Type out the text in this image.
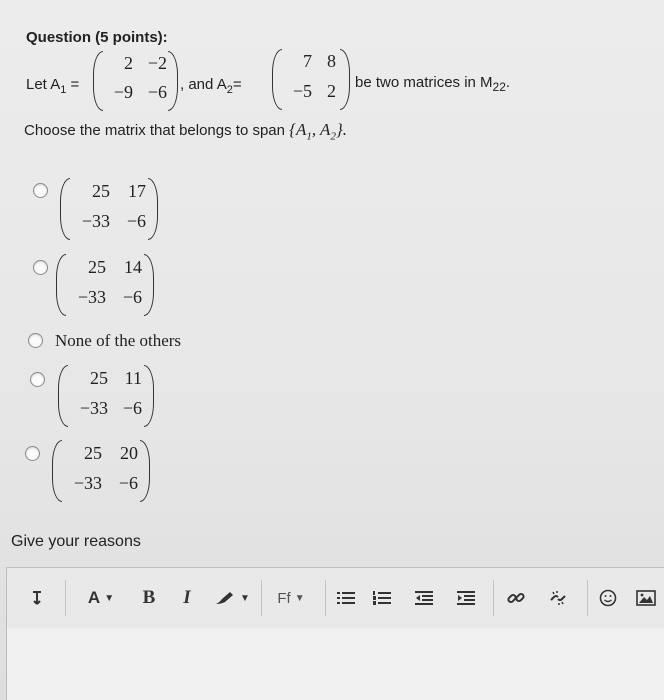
Question (5 points):
Let $A_1$ =
2 −2
−9 −6 , and $A_2=$
7 8
−5 2 be two matrices in $M_{22}$.
Choose the matrix that belongs to span {$A_1$, $A_2$}.
25	17
−33 −6
25	14
−33 −6
None of the others
25 11
−33 −6
25	20
−33 −6
Give your reasons
A ▼ B	I	▼ Ff ▼
